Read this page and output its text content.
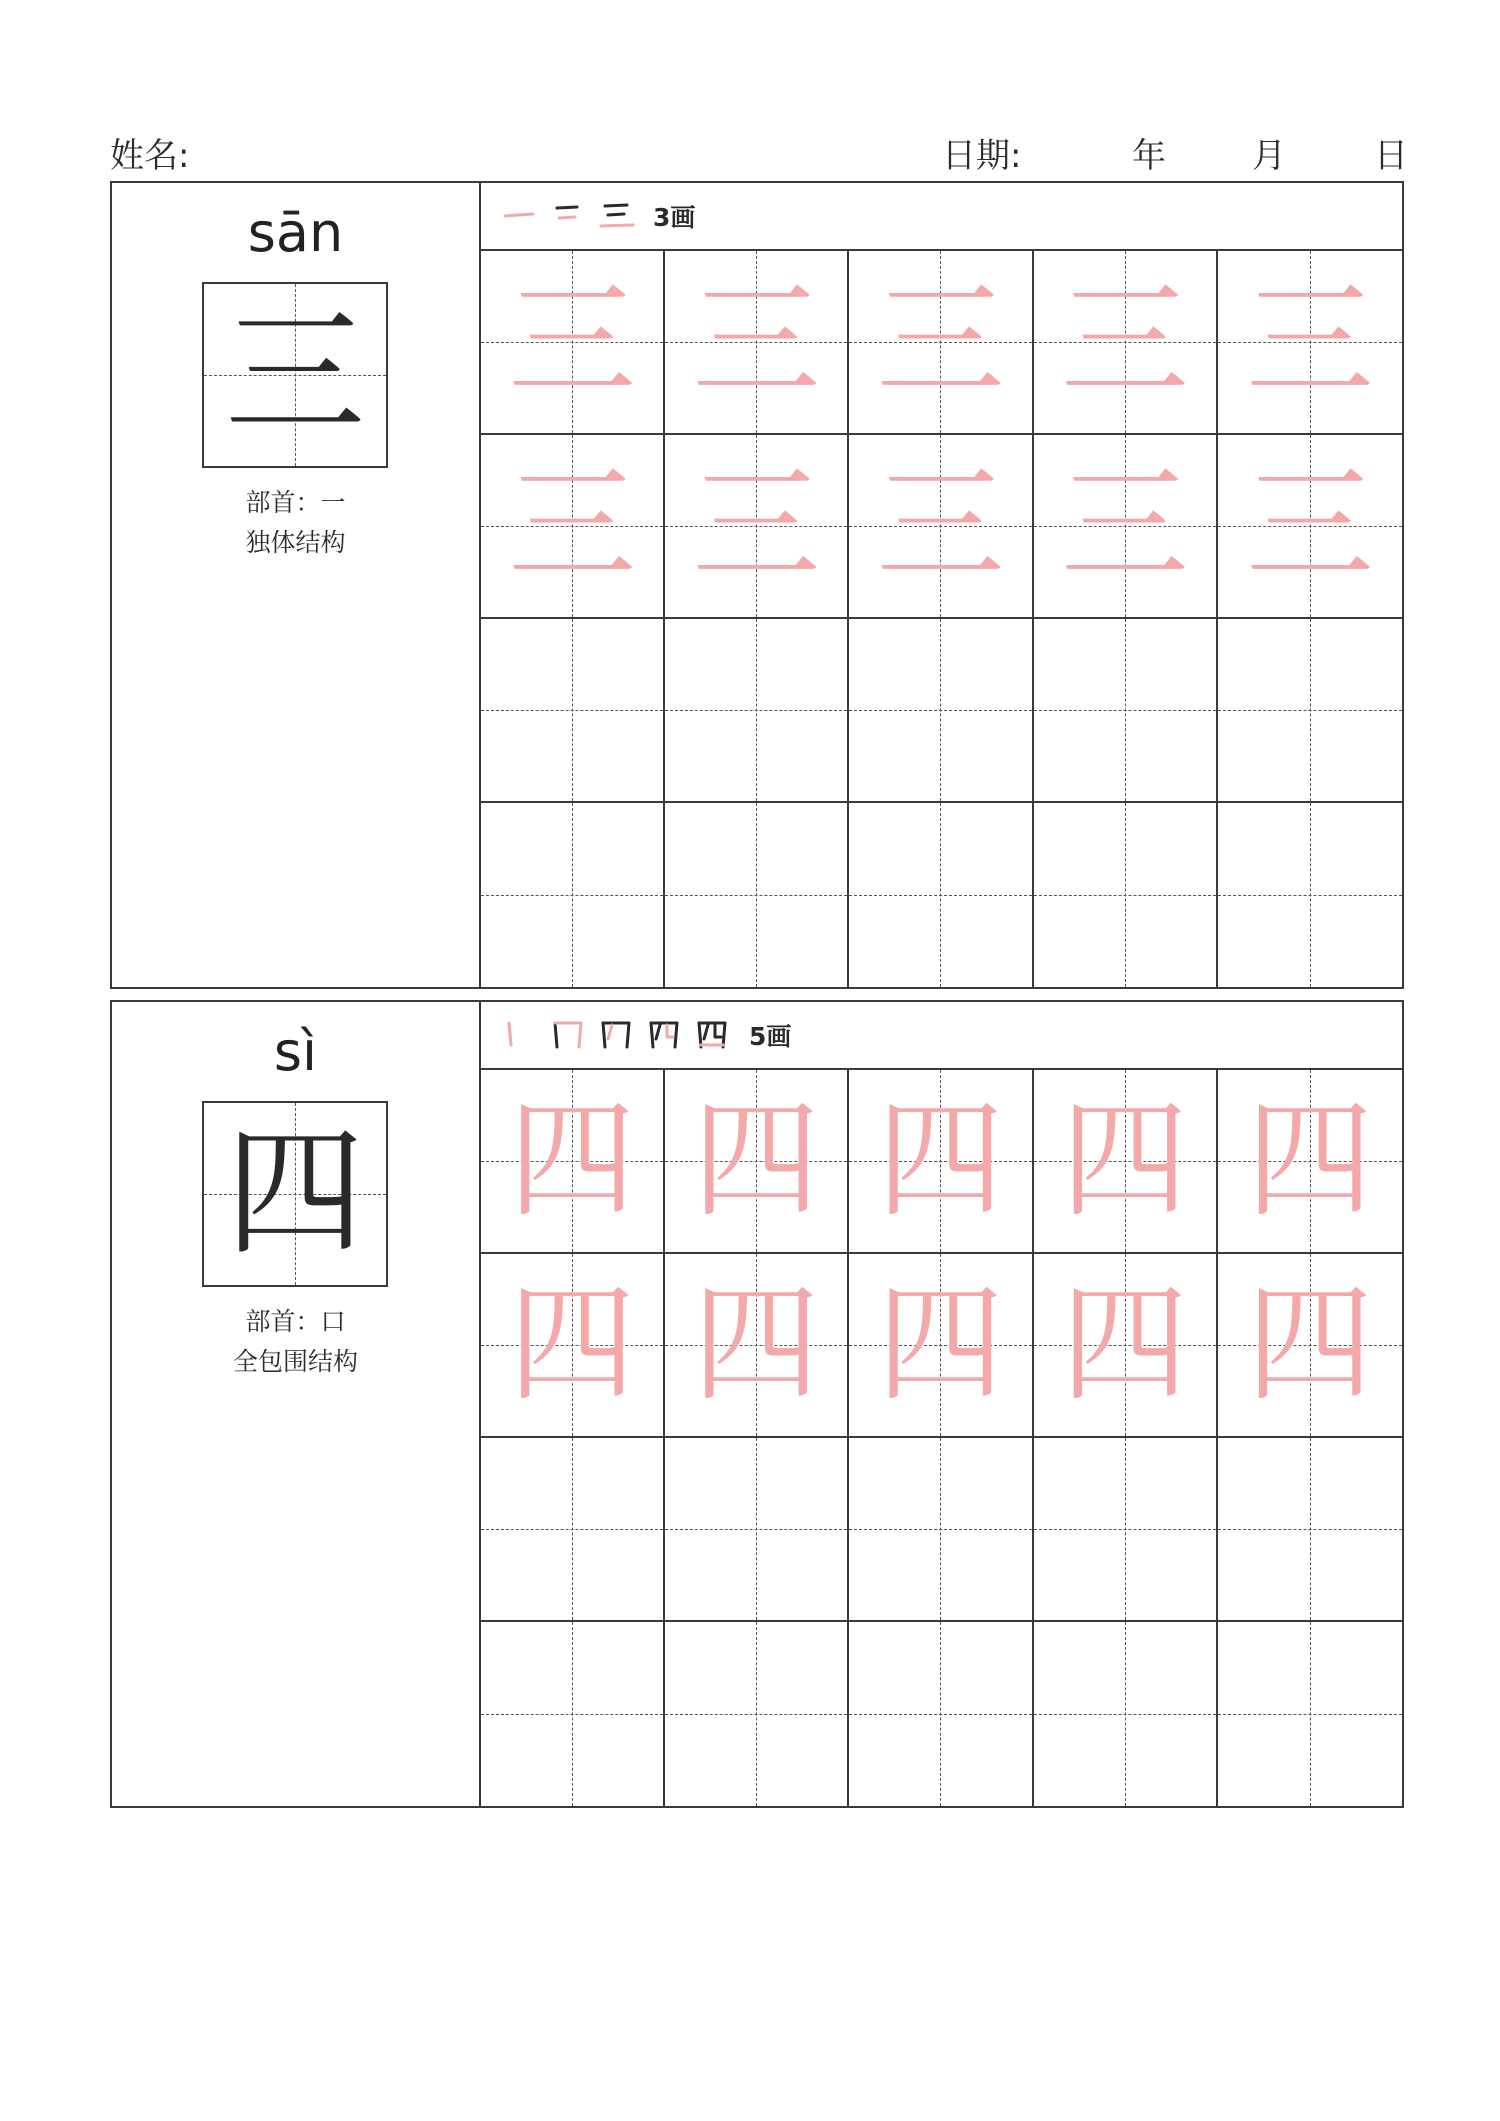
姓名:	日期:	年	月	日
sān
三
部首：一
独体结构
3画
三 三 三 三 三
三 三 三 三 三
sì
四
部首：口
全包围结构
5画
四 四 四 四 四
四 四 四 四 四
